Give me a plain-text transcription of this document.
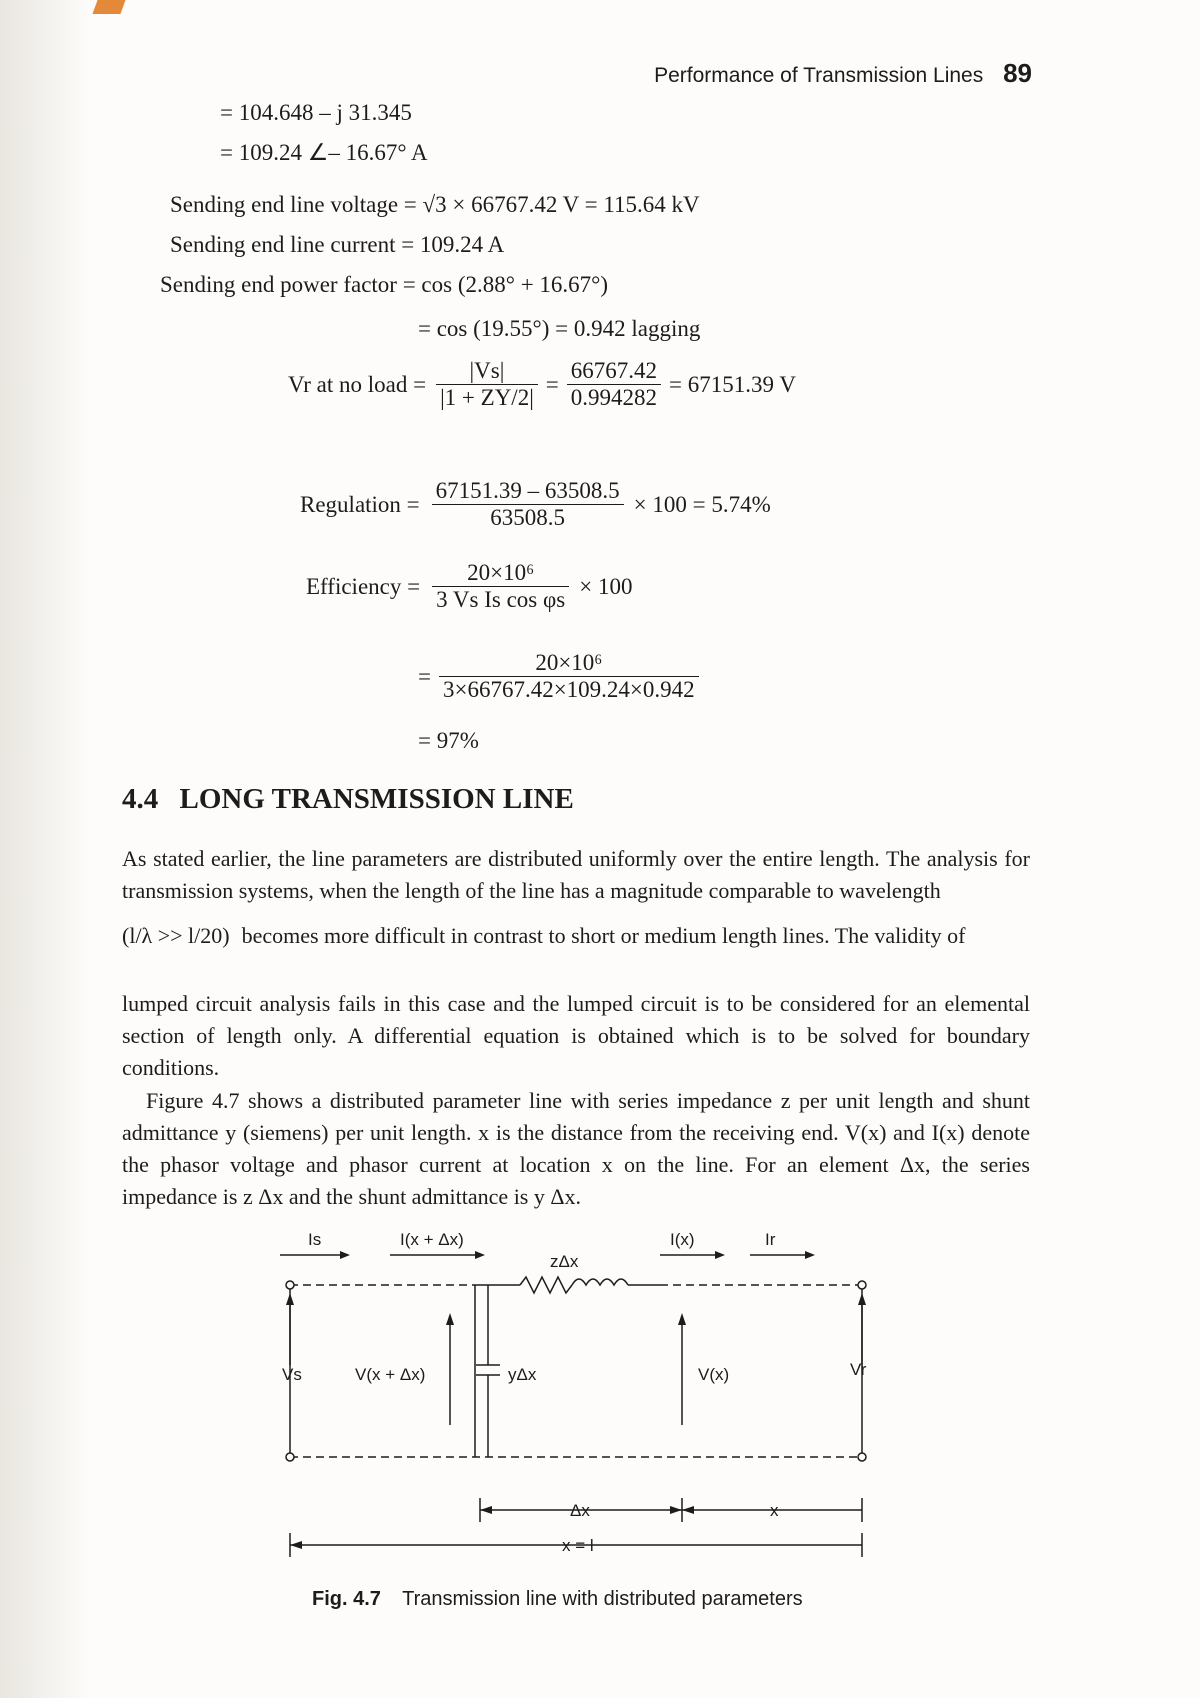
Performance of Transmission Lines 89
= 104.648 – j 31.345
= 109.24 ∠– 16.67° A
Sending end line voltage = √3 × 66767.42 V = 115.64 kV
Sending end line current = 109.24 A
Sending end power factor = cos (2.88° + 16.67°)
= cos (19.55°) = 0.942 lagging
Vr at no load = $\frac{|Vs|}{|1 + ZY/2|} = \frac{66767.42}{0.994282} = 67151.39$ V
Regulation = $\frac{67151.39 - 63508.5}{63508.5} \times 100 = 5.74\%$
Efficiency = $\frac{\text{20×10⁶}}{\text{3 Vs Is cos φs}} \times 100$
= $\frac{\text{20×10⁶}}{3\times 66767.42\times 109.24\times 0.942}$
= 97%
4.4 LONG TRANSMISSION LINE
As stated earlier, the line parameters are distributed uniformly over the entire length. The analysis for transmission systems, when the length of the line has a magnitude comparable to wavelength
(l/λ >> l/20) becomes more difficult in contrast to short or medium length lines. The validity of
lumped circuit analysis fails in this case and the lumped circuit is to be considered for an elemental section of length only. A differential equation is obtained which is to be solved for boundary conditions.
Figure 4.7 shows a distributed parameter line with series impedance z per unit length and shunt admittance y (siemens) per unit length. x is the distance from the receiving end. V(x) and I(x) denote the phasor voltage and phasor current at location x on the line. For an element Δx, the series impedance is z Δx and the shunt admittance is y Δx.
Is	I(x + Δx)
zΔx
I(x)	Ir
Vs	V(x + Δx)	yΔx	V(x)	Vr
Δx	x
x = l
Fig. 4.7 Transmission line with distributed parameters
